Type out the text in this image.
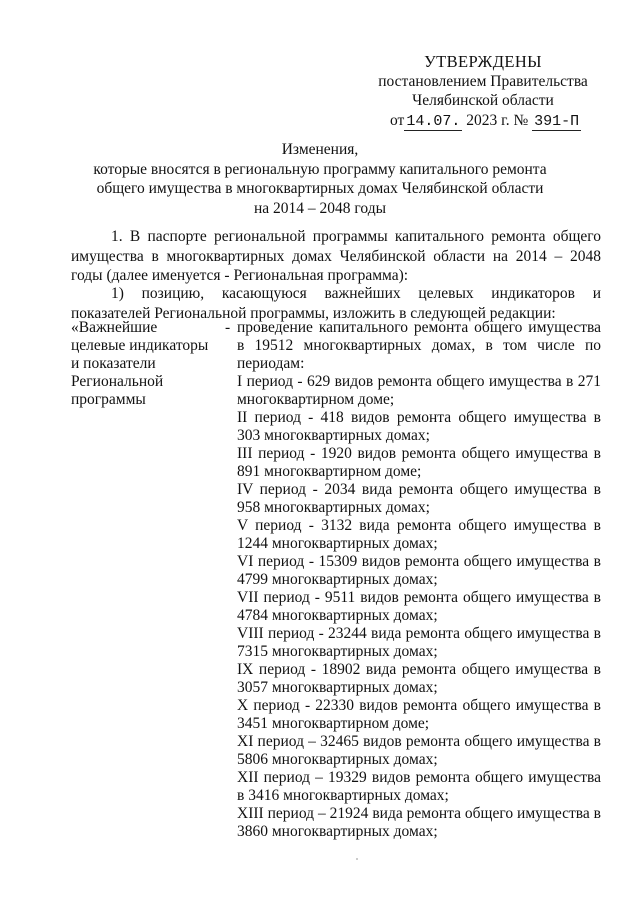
УТВЕРЖДЕНЫ
постановлением Правительства
Челябинской области
от 14.07. 2023 г. № 391-П
Изменения,
которые вносятся в региональную программу капитального ремонта
общего имущества в многоквартирных домах Челябинской области
на 2014 – 2048 годы
1. В паспорте региональной программы капитального ремонта общего имущества в многоквартирных домах Челябинской области на 2014 – 2048 годы (далее именуется - Региональная программа):
1) позицию, касающуюся важнейших целевых индикаторов и показателей Региональной программы, изложить в следующей редакции:
«Важнейшие
целевые индикаторы
и показатели
Региональной
программы
- проведение капитального ремонта общего имущества в 19512 многоквартирных домах, в том числе по периодам:

I период - 629 видов ремонта общего имущества в 271 многоквартирном доме;

II период - 418 видов ремонта общего имущества в 303 многоквартирных домах;

III период - 1920 видов ремонта общего имущества в 891 многоквартирном доме;

IV период - 2034 вида ремонта общего имущества в 958 многоквартирных домах;

V период - 3132 вида ремонта общего имущества в 1244 многоквартирных домах;

VI период - 15309 видов ремонта общего имущества в 4799 многоквартирных домах;

VII период - 9511 видов ремонта общего имущества в 4784 многоквартирных домах;

VIII период - 23244 вида ремонта общего имущества в 7315 многоквартирных домах;

IX период - 18902 вида ремонта общего имущества в 3057 многоквартирных домах;

X период - 22330 видов ремонта общего имущества в 3451 многоквартирном доме;

XI период – 32465 видов ремонта общего имущества в 5806 многоквартирных домах;

XII период – 19329 видов ремонта общего имущества в 3416 многоквартирных домах;

XIII период – 21924 вида ремонта общего имущества в 3860 многоквартирных домах;
